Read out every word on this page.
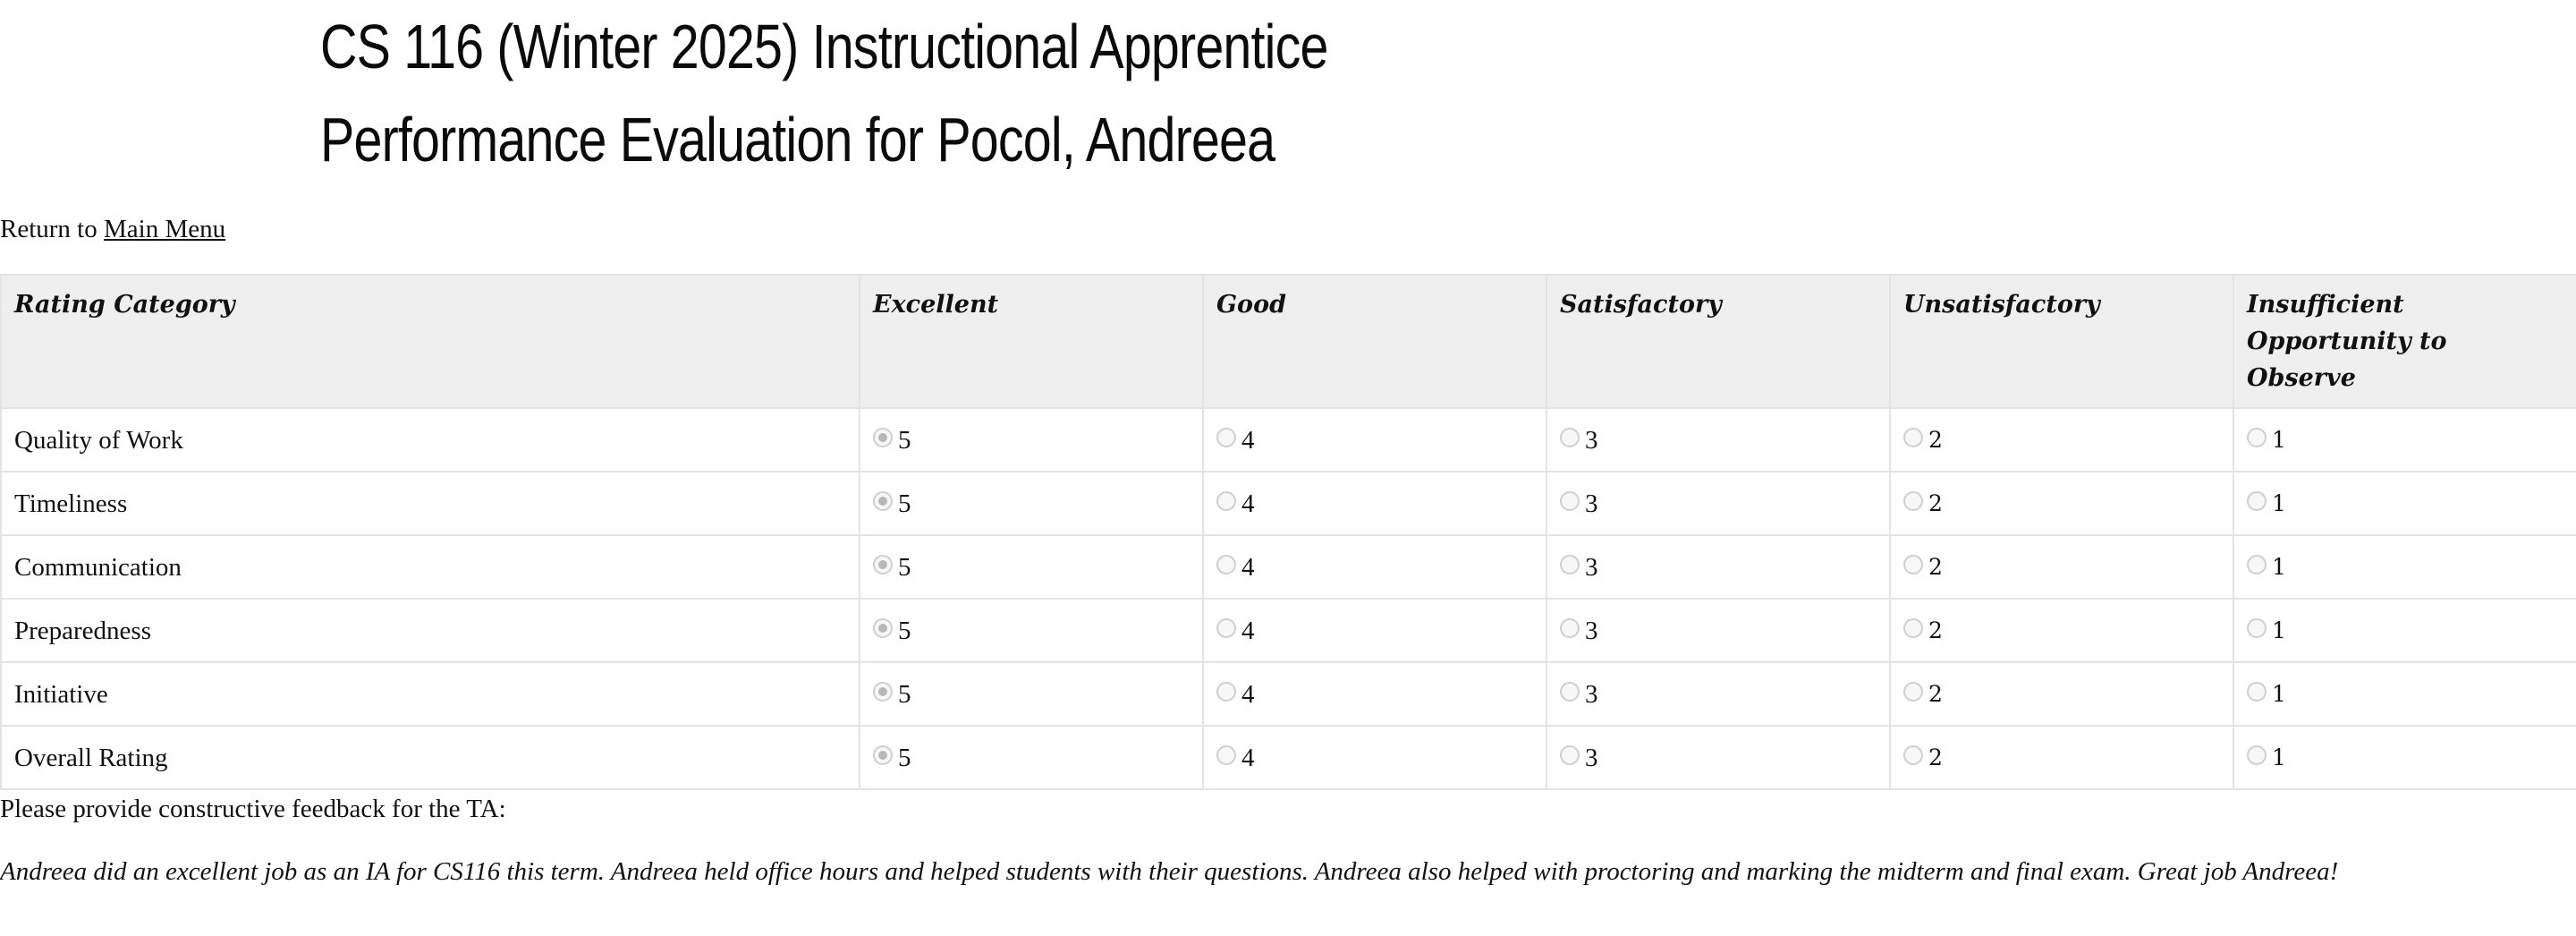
CS 116 (Winter 2025) Instructional Apprentice
Performance Evaluation for Pocol, Andreea
Return to Main Menu
Rating Category	Excellent	Good	Satisfactory	Unsatisfactory	Insufficient Opportunity to Observe
Quality of Work	5	4	3	2	1

Timeliness	5	4	3	2	1

Communication	5	4	3	2	1

Preparedness	5	4	3	2	1

Initiative	5	4	3	2	1

Overall Rating	5	4	3	2	1
Please provide constructive feedback for the TA:
Andreea did an excellent job as an IA for CS116 this term. Andreea held office hours and helped students with their questions. Andreea also helped with proctoring and marking the midterm and final exam. Great job Andreea!
